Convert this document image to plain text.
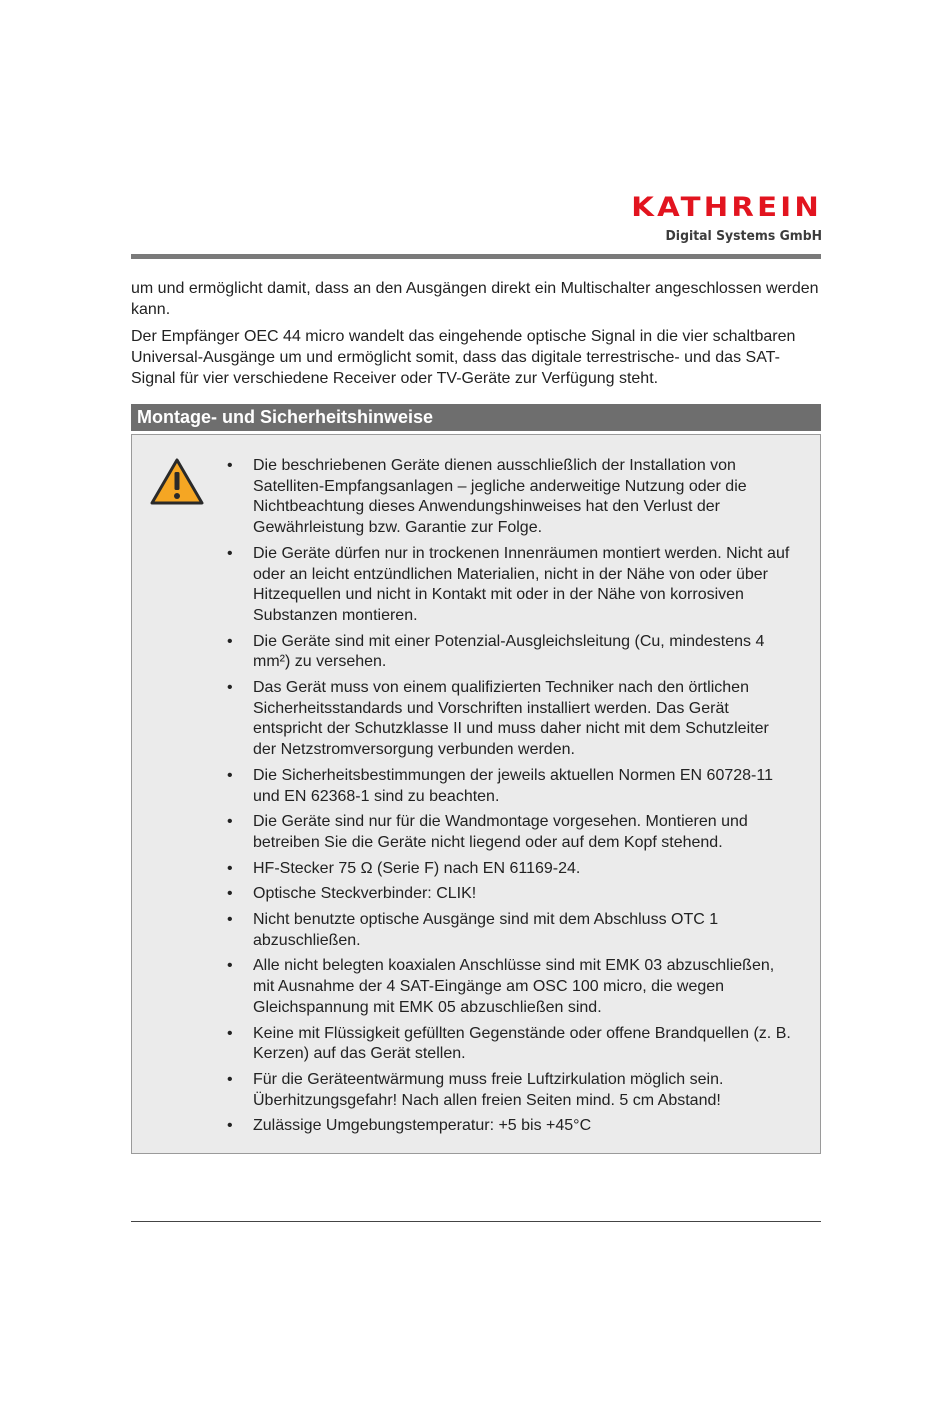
KATHREIN
Digital Systems GmbH

um und ermöglicht damit, dass an den Ausgängen direkt ein Multischalter angeschlossen werden kann.

Der Empfänger OEC 44 micro wandelt das eingehende optische Signal in die vier schaltbaren Universal-Ausgänge um und ermöglicht somit, dass das digitale terrestrische- und das SAT-Signal für vier verschiedene Receiver oder TV-Geräte zur Verfügung steht.

Montage- und Sicherheitshinweise
• Die beschriebenen Geräte dienen ausschließlich der Installation von Satelliten-Empfangsanlagen – jegliche anderweitige Nutzung oder die Nichtbeachtung dieses Anwendungshinweises hat den Verlust der Gewährleistung bzw. Garantie zur Folge.
• Die Geräte dürfen nur in trockenen Innenräumen montiert werden. Nicht auf oder an leicht entzündlichen Materialien, nicht in der Nähe von oder über Hitzequellen und nicht in Kontakt mit oder in der Nähe von korrosiven Substanzen montieren.
• Die Geräte sind mit einer Potenzial-Ausgleichsleitung (Cu, mindestens 4 mm²) zu versehen.
• Das Gerät muss von einem qualifizierten Techniker nach den örtlichen Sicherheitsstandards und Vorschriften installiert werden. Das Gerät entspricht der Schutzklasse II und muss daher nicht mit dem Schutzleiter der Netzstromversorgung verbunden werden.
• Die Sicherheitsbestimmungen der jeweils aktuellen Normen EN 60728-11 und EN 62368-1 sind zu beachten.
• Die Geräte sind nur für die Wandmontage vorgesehen. Montieren und betreiben Sie die Geräte nicht liegend oder auf dem Kopf stehend.
• HF-Stecker 75 Ω (Serie F) nach EN 61169-24.
• Optische Steckverbinder: CLIK!
• Nicht benutzte optische Ausgänge sind mit dem Abschluss OTC 1 abzuschließen.
• Alle nicht belegten koaxialen Anschlüsse sind mit EMK 03 abzuschließen, mit Ausnahme der 4 SAT-Eingänge am OSC 100 micro, die wegen Gleichspannung mit EMK 05 abzuschließen sind.
• Keine mit Flüssigkeit gefüllten Gegenstände oder offene Brandquellen (z. B. Kerzen) auf das Gerät stellen.
• Für die Geräteentwärmung muss freie Luftzirkulation möglich sein. Überhitzungsgefahr! Nach allen freien Seiten mind. 5 cm Abstand!
• Zulässige Umgebungstemperatur: +5 bis +45°C
